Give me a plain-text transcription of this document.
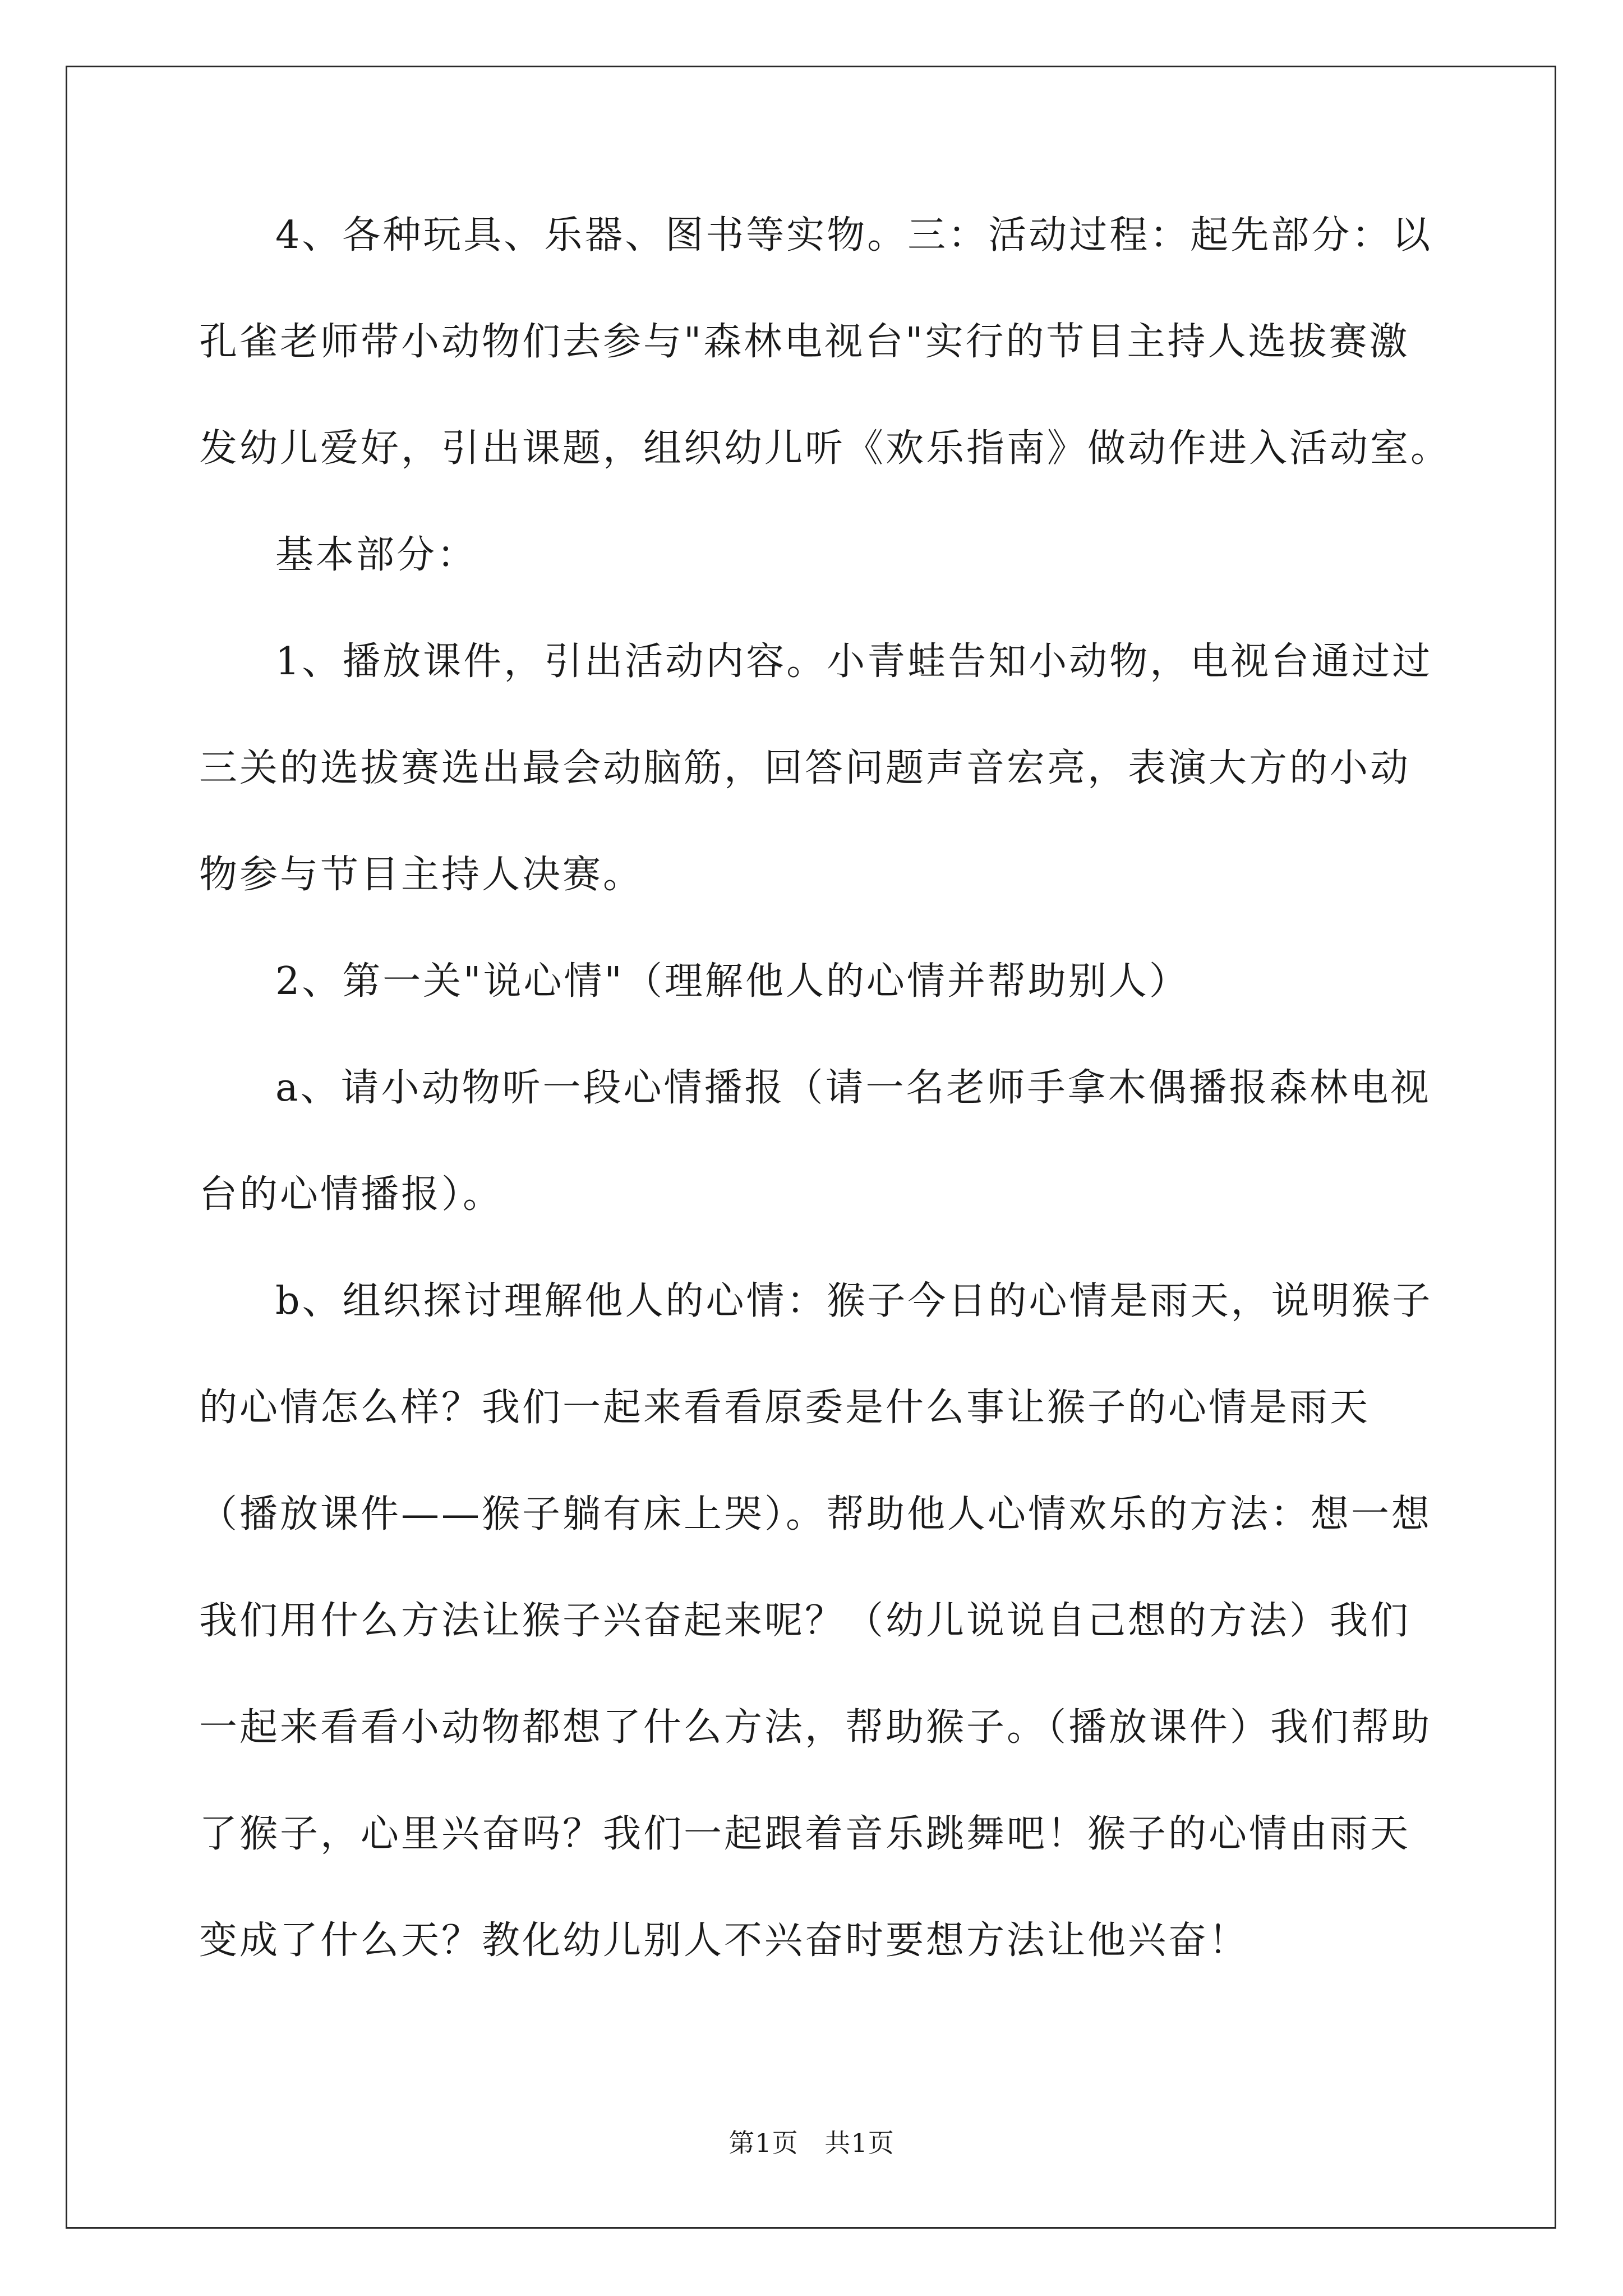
4、各种玩具、乐器、图书等实物。三：活动过程：起先部分：以
孔雀老师带小动物们去参与"森林电视台"实行的节目主持人选拔赛激
发幼儿爱好，引出课题，组织幼儿听《欢乐指南》做动作进入活动室。
基本部分：
1、播放课件，引出活动内容。小青蛙告知小动物，电视台通过过
三关的选拔赛选出最会动脑筋，回答问题声音宏亮，表演大方的小动
物参与节目主持人决赛。
2、第一关"说心情"（理解他人的心情并帮助别人）
a、请小动物听一段心情播报（请一名老师手拿木偶播报森林电视
台的心情播报）。
b、组织探讨理解他人的心情：猴子今日的心情是雨天，说明猴子
的心情怎么样？我们一起来看看原委是什么事让猴子的心情是雨天
（播放课件——猴子躺有床上哭）。帮助他人心情欢乐的方法：想一想
我们用什么方法让猴子兴奋起来呢？（幼儿说说自己想的方法）我们
一起来看看小动物都想了什么方法，帮助猴子。（播放课件）我们帮助
了猴子，心里兴奋吗？我们一起跟着音乐跳舞吧！猴子的心情由雨天
变成了什么天？教化幼儿别人不兴奋时要想方法让他兴奋！
第1页   共1页
